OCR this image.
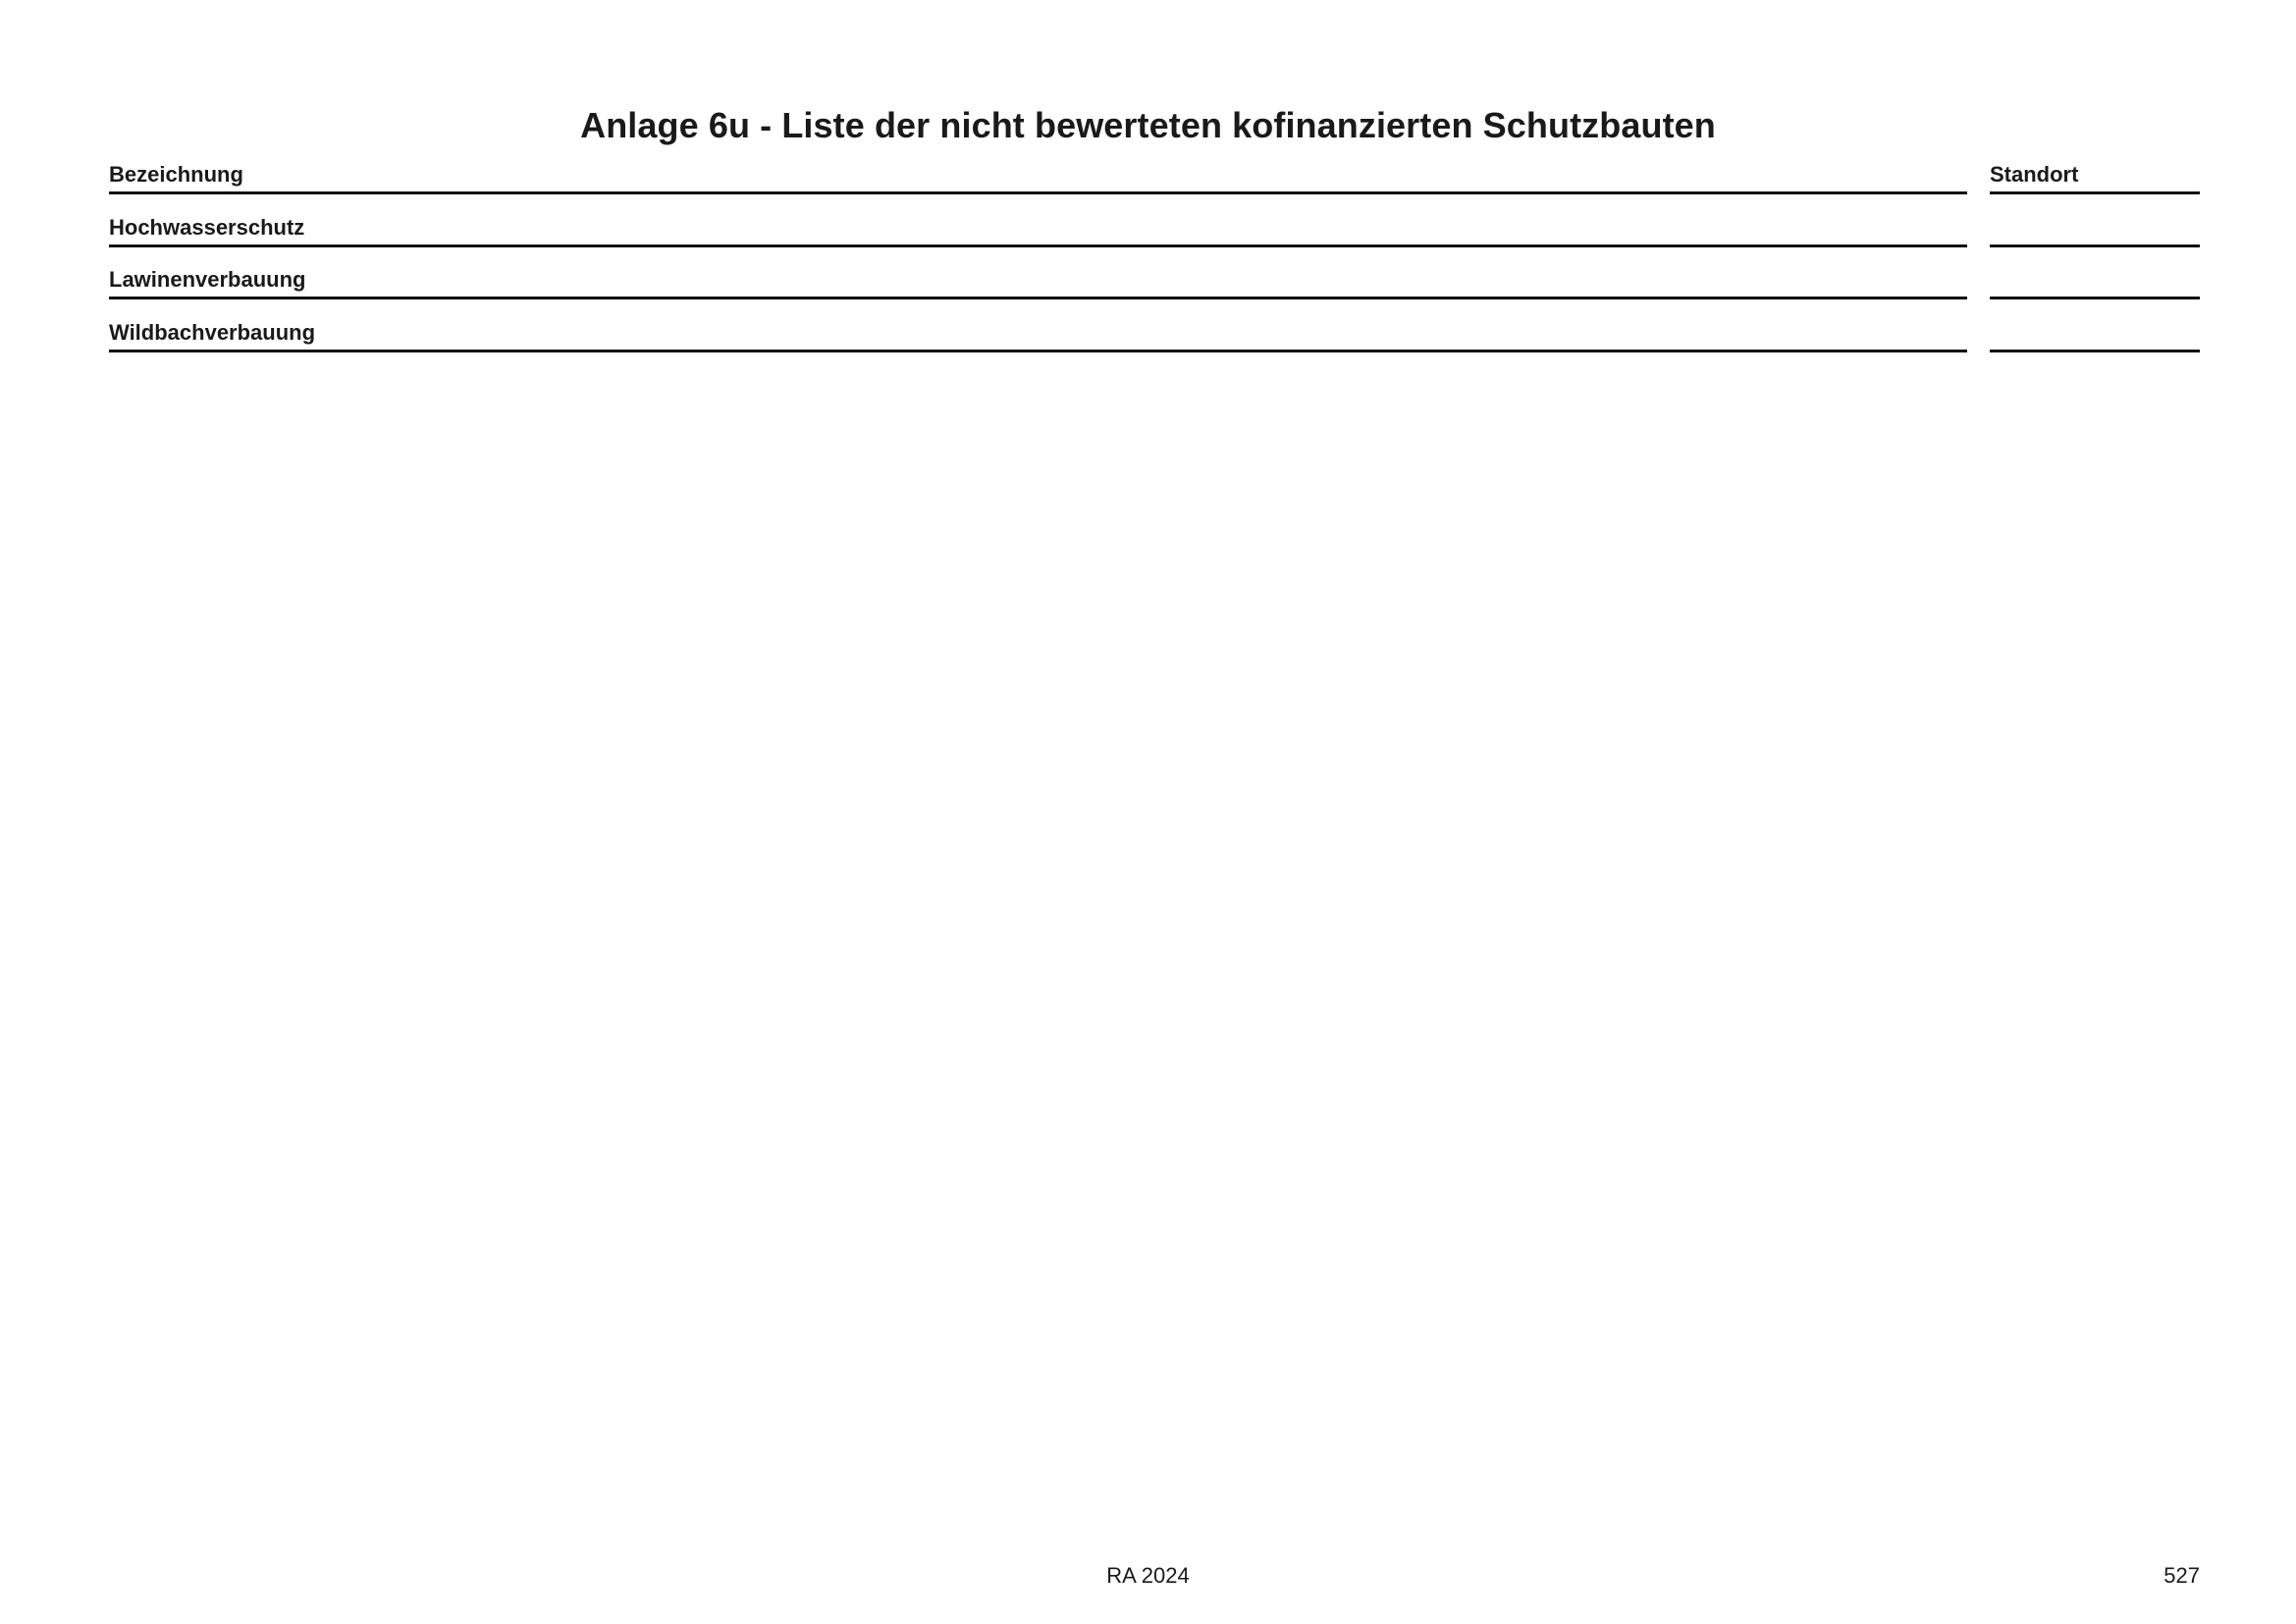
Anlage 6u - Liste der nicht bewerteten kofinanzierten Schutzbauten
Bezeichnung	Standort
Hochwasserschutz
Lawinenverbauung
Wildbachverbauung
RA 2024	527
